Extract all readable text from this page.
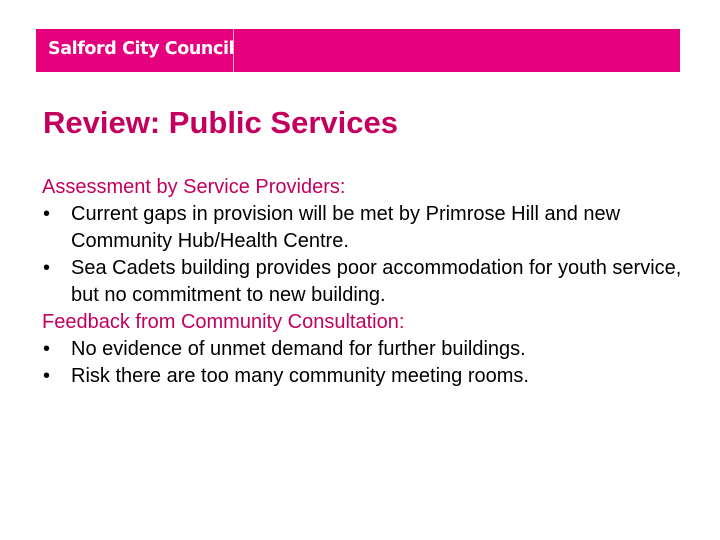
Salford City Council
Review: Public Services

Assessment by Service Providers:

• Current gaps in provision will be met by Primrose Hill and new Community Hub/Health Centre.
• Sea Cadets building provides poor accommodation for youth service, but no commitment to new building.

Feedback from Community Consultation:

• No evidence of unmet demand for further buildings.
• Risk there are too many community meeting rooms.
